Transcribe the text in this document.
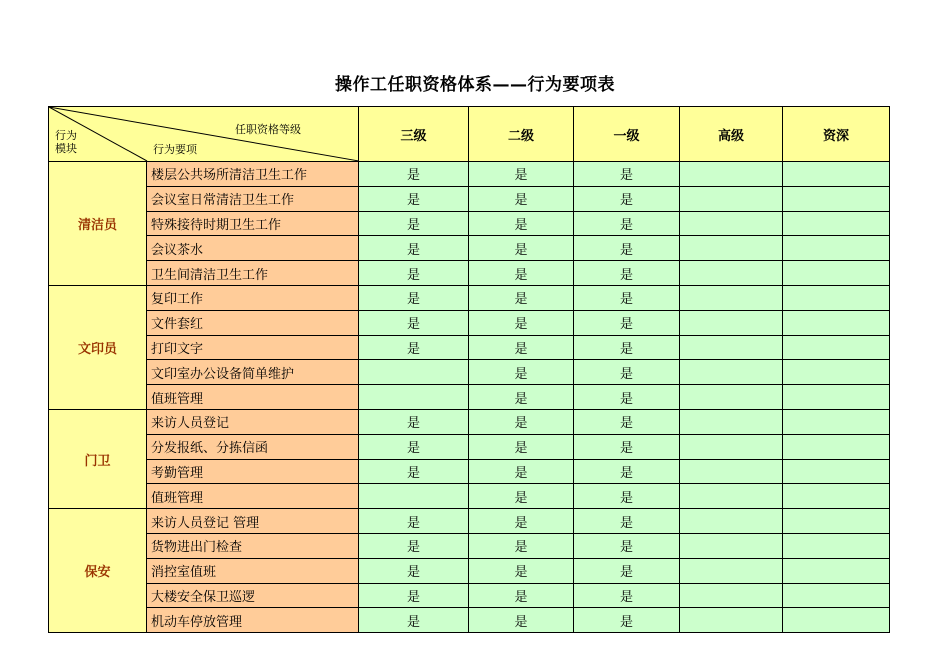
操作工任职资格体系——行为要项表
任职资格等级
行为要项
行为
模块		三级	二级	一级	高级	资深
清洁员	楼层公共场所清洁卫生工作	是	是	是		
	会议室日常清洁卫生工作	是	是	是		
	特殊接待时期卫生工作	是	是	是		
	会议茶水	是	是	是		
	卫生间清洁卫生工作	是	是	是		
文印员	复印工作	是	是	是		
	文件套红	是	是	是		
	打印文字	是	是	是		
	文印室办公设备简单维护		是	是		
	值班管理		是	是		
门卫	来访人员登记	是	是	是		
	分发报纸、分拣信函	是	是	是		
	考勤管理	是	是	是		
	值班管理		是	是		
保安	来访人员登记 管理	是	是	是		
	货物进出门检查	是	是	是		
	消控室值班	是	是	是		
	大楼安全保卫巡逻	是	是	是		
	机动车停放管理	是	是	是		
